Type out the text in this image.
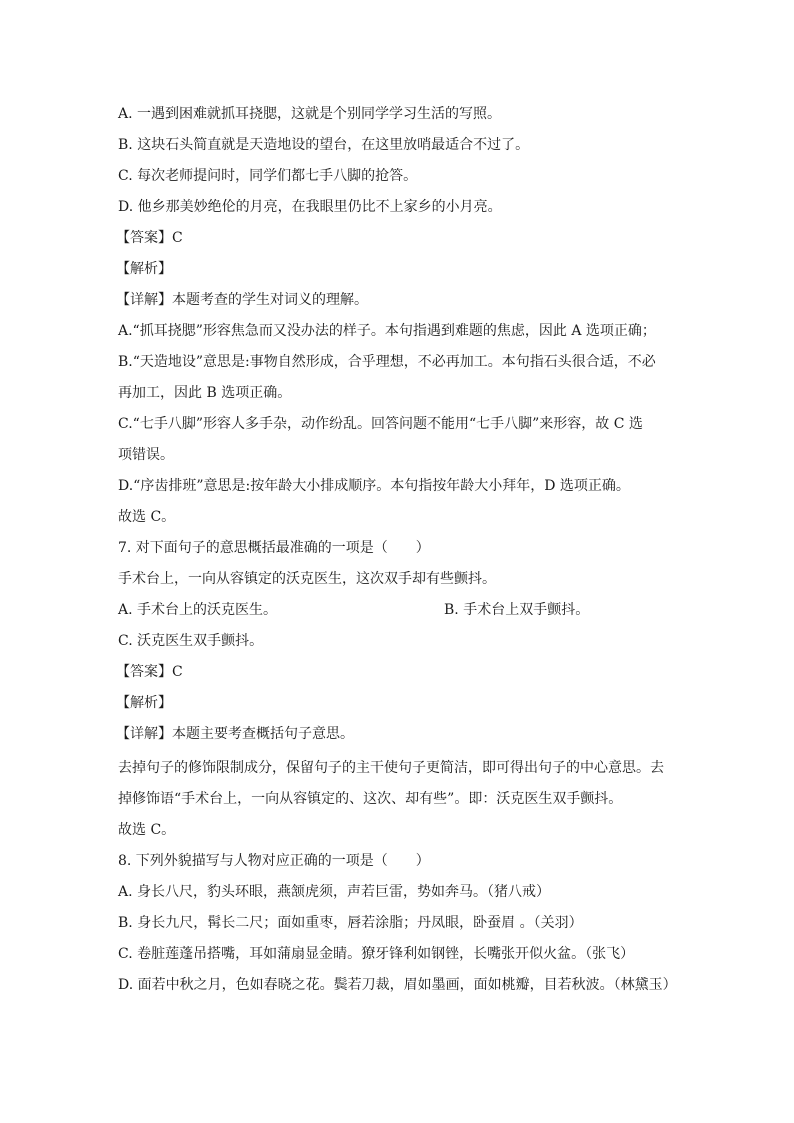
A. 一遇到困难就抓耳挠腮，这就是个别同学学习生活的写照。
B. 这块石头简直就是天造地设的望台，在这里放哨最适合不过了。
C. 每次老师提问时，同学们都七手八脚的抢答。
D. 他乡那美妙绝伦的月亮，在我眼里仍比不上家乡的小月亮。
【答案】C
【解析】
【详解】本题考查的学生对词义的理解。
A.“抓耳挠腮”形容焦急而又没办法的样子。本句指遇到难题的焦虑，因此 A 选项正确；
B.“天造地设”意思是:事物自然形成，合乎理想，不必再加工。本句指石头很合适，不必
再加工，因此 B 选项正确。
C.“七手八脚”形容人多手杂，动作纷乱。回答问题不能用“七手八脚”来形容，故 C 选
项错误。
D.“序齿排班”意思是:按年龄大小排成顺序。本句指按年龄大小拜年，D 选项正确。
故选 C。
7. 对下面句子的意思概括最准确的一项是（　　）
手术台上，一向从容镇定的沃克医生，这次双手却有些颤抖。
A. 手术台上的沃克医生。	B. 手术台上双手颤抖。
C. 沃克医生双手颤抖。
【答案】C
【解析】
【详解】本题主要考查概括句子意思。
去掉句子的修饰限制成分，保留句子的主干使句子更简洁，即可得出句子的中心意思。去
掉修饰语“手术台上，一向从容镇定的、这次、却有些”。即：沃克医生双手颤抖。
故选 C。
8. 下列外貌描写与人物对应正确的一项是（　　）
A. 身长八尺，豹头环眼，燕颔虎须，声若巨雷，势如奔马。（猪八戒）
B. 身长九尺，髯长二尺；面如重枣，唇若涂脂；丹凤眼，卧蚕眉 。（关羽）
C. 卷脏莲蓬吊搭嘴，耳如蒲扇显金睛。獠牙锋利如钢锉，长嘴张开似火盆。（张飞）
D. 面若中秋之月，色如春晓之花。鬓若刀裁，眉如墨画，面如桃瓣，目若秋波。（林黛玉）
